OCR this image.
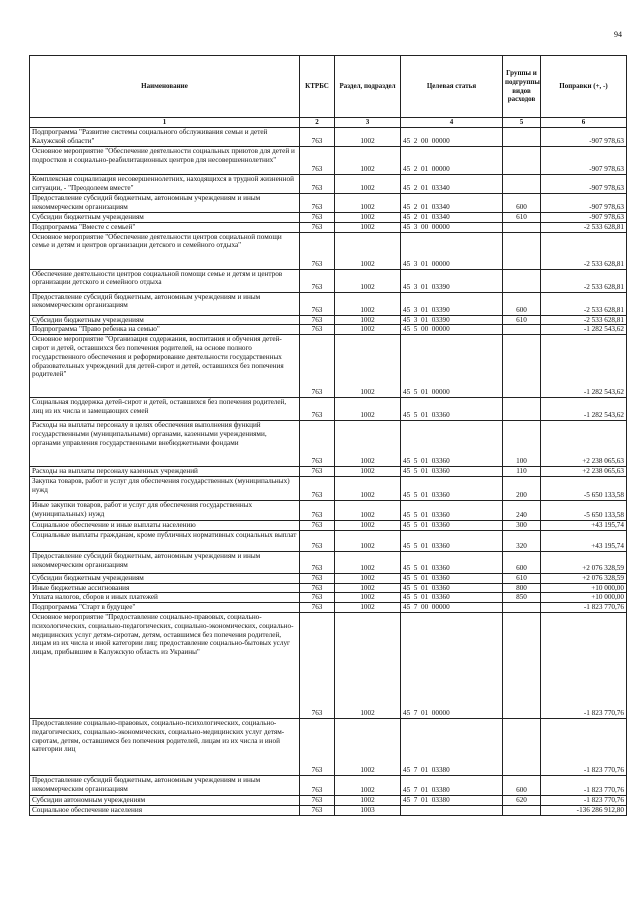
94
Наименование	КТРБС	Раздел, подраздел	Целевая статья	Группы и подгруппы видов расходов	Поправки (+, -)
1	2	3	4	5	6
Подпрограмма "Развитие системы социального обслуживания семьи и детей Калужской области"	763	1002	45  2  00  00000		-907 978,63
Основное мероприятие "Обеспечение деятельности социальных приютов для детей и подростков и социально-реабилитационных центров для несовершеннолетних"	763	1002	45  2  01  00000		-907 978,63
Комплексная социализация несовершеннолетних, находящихся в трудной жизненной ситуации, - "Преодолеем вместе"	763	1002	45  2  01  03340		-907 978,63
Предоставление субсидий бюджетным, автономным учреждениям и иным некоммерческим организациям	763	1002	45  2  01  03340	600	-907 978,63
Субсидии бюджетным учреждениям	763	1002	45  2  01  03340	610	-907 978,63
Подпрограмма "Вместе с семьей"	763	1002	45  3  00  00000		-2 533 628,81
Основное мероприятие "Обеспечение деятельности центров социальной помощи семье и детям и центров организации детского и семейного отдыха"	763	1002	45  3  01  00000		-2 533 628,81
Обеспечение деятельности центров социальной помощи семье и детям и центров организации детского и семейного отдыха	763	1002	45  3  01  03390		-2 533 628,81
Предоставление субсидий бюджетным, автономным учреждениям и иным некоммерческим организациям	763	1002	45  3  01  03390	600	-2 533 628,81
Субсидии бюджетным учреждениям	763	1002	45  3  01  03390	610	-2 533 628,81
Подпрограмма "Право ребенка на семью"	763	1002	45  5  00  00000		-1 282 543,62
Основное мероприятие "Организация содержания, воспитания и обучения детей-сирот и детей, оставшихся без попечения родителей, на основе полного государственного обеспечения и реформирование деятельности государственных образовательных учреждений для детей-сирот и детей, оставшихся без попечения родителей"	763	1002	45  5  01  00000		-1 282 543,62
Социальная поддержка детей-сирот и детей, оставшихся без попечения родителей, лиц из их числа и замещающих семей	763	1002	45  5  01  03360		-1 282 543,62
Расходы на выплаты персоналу в целях обеспечения выполнения функций государственными (муниципальными) органами, казенными учреждениями, органами управления государственными внебюджетными фондами	763	1002	45  5  01  03360	100	+2 238 065,63
Расходы на выплаты персоналу казенных учреждений	763	1002	45  5  01  03360	110	+2 238 065,63
Закупка товаров, работ и услуг для обеспечения государственных (муниципальных) нужд	763	1002	45  5  01  03360	200	-5 650 133,58
Иные закупки товаров, работ и услуг для обеспечения государственных (муниципальных) нужд	763	1002	45  5  01  03360	240	-5 650 133,58
Социальное обеспечение и иные выплаты населению	763	1002	45  5  01  03360	300	+43 195,74
Социальные выплаты гражданам, кроме публичных нормативных социальных выплат	763	1002	45  5  01  03360	320	+43 195,74
Предоставление субсидий бюджетным, автономным учреждениям и иным некоммерческим организациям	763	1002	45  5  01  03360	600	+2 076 328,59
Субсидии бюджетным учреждениям	763	1002	45  5  01  03360	610	+2 076 328,59
Иные бюджетные ассигнования	763	1002	45  5  01  03360	800	+10 000,00
Уплата налогов, сборов и иных платежей	763	1002	45  5  01  03360	850	+10 000,00
Подпрограмма "Старт в будущее"	763	1002	45  7  00  00000		-1 823 770,76
Основное мероприятие "Предоставление социально-правовых, социально-психологических, социально-педагогических, социально-экономических, социально-медицинских услуг детям-сиротам, детям, оставшимся без попечения родителей, лицам из их числа и иной категории лиц; предоставление социально-бытовых услуг лицам, прибывшим в Калужскую область из Украины"	763	1002	45  7  01  00000		-1 823 770,76
Предоставление социально-правовых, социально-психологических, социально-педагогических, социально-экономических, социально-медицинских услуг детям-сиротам, детям, оставшимся без попечения родителей, лицам из их числа и иной категории лиц	763	1002	45  7  01  03380		-1 823 770,76
Предоставление субсидий бюджетным, автономным учреждениям и иным некоммерческим организациям	763	1002	45  7  01  03380	600	-1 823 770,76
Субсидии автономным учреждениям	763	1002	45  7  01  03380	620	-1 823 770,76
Социальное обеспечение населения	763	1003			-136 286 912,80
